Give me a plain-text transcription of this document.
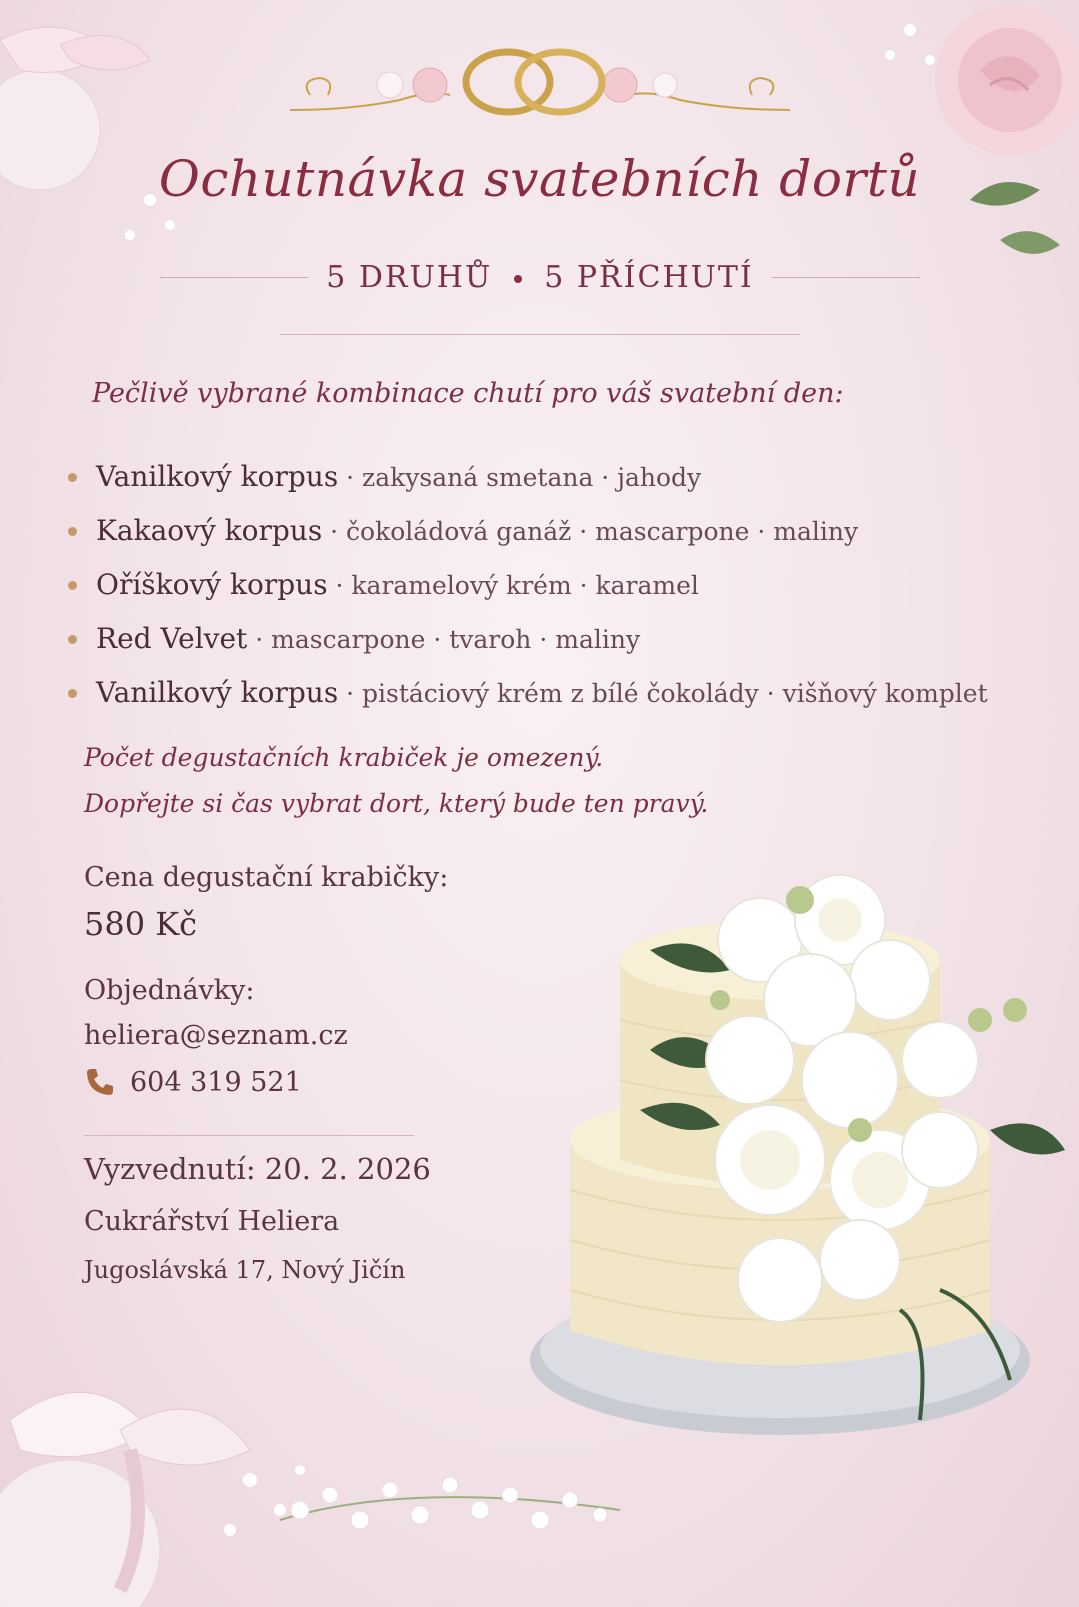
Ochutnávka svatebních dortů
5 DRUHŮ 5 PŘÍCHUTÍ
Pečlivě vybrané kombinace chutí pro váš svatební den:
Vanilkový korpus · zakysaná smetana · jahody
Kakaový korpus · čokoládová ganáž · mascarpone · maliny
Oříškový korpus · karamelový krém · karamel
Red Velvet · mascarpone · tvaroh · maliny
Vanilkový korpus · pistáciový krém z bílé čokolády · višňový komplet
Počet degustačních krabiček je omezený.
Dopřejte si čas vybrat dort, který bude ten pravý.
Cena degustační krabičky:
580 Kč
Objednávky:
heliera@seznam.cz
604 319 521
Vyzvednutí: 20. 2. 2026
Cukrářství Heliera
Jugoslávská 17, Nový Jičín
